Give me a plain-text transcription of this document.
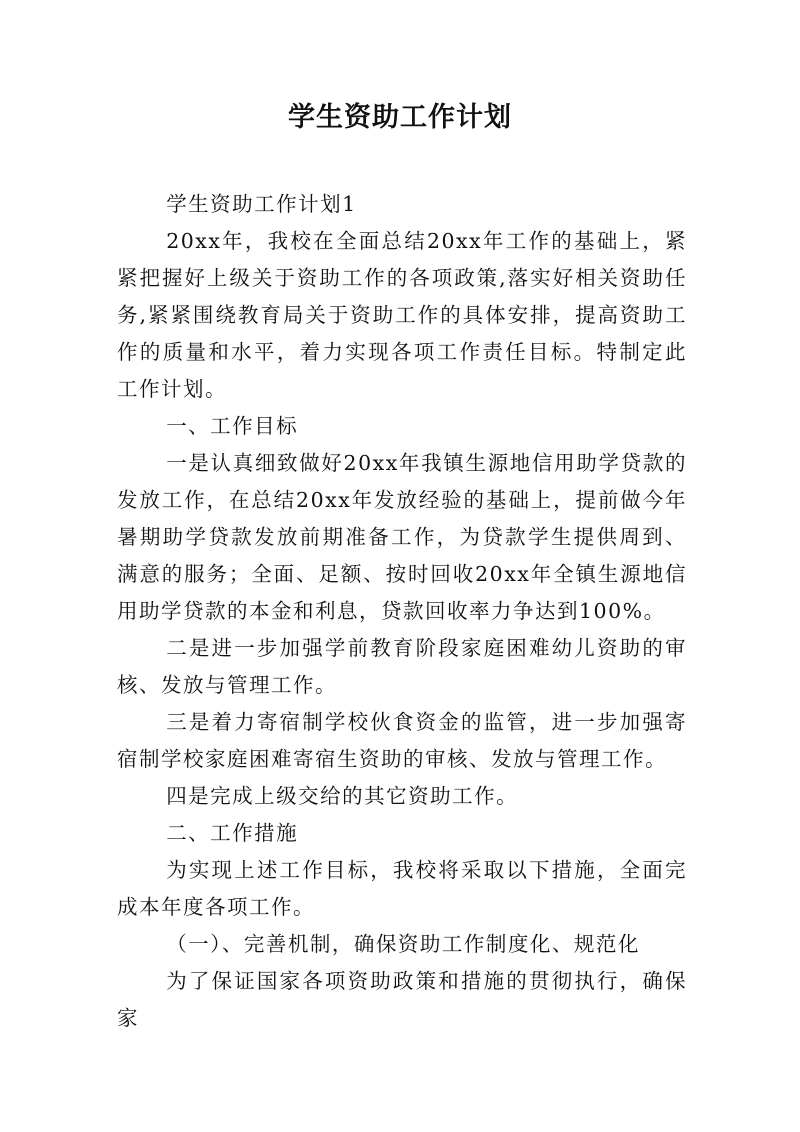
学生资助工作计划

学生资助工作计划1

20xx年，我校在全面总结20xx年工作的基础上，紧紧把握好上级关于资助工作的各项政策,落实好相关资助任务,紧紧围绕教育局关于资助工作的具体安排，提高资助工作的质量和水平，着力实现各项工作责任目标。特制定此工作计划。

一、工作目标

一是认真细致做好20xx年我镇生源地信用助学贷款的发放工作，在总结20xx年发放经验的基础上，提前做今年暑期助学贷款发放前期准备工作，为贷款学生提供周到、满意的服务；全面、足额、按时回收20xx年全镇生源地信用助学贷款的本金和利息，贷款回收率力争达到100%。

二是进一步加强学前教育阶段家庭困难幼儿资助的审核、发放与管理工作。

三是着力寄宿制学校伙食资金的监管，进一步加强寄宿制学校家庭困难寄宿生资助的审核、发放与管理工作。

四是完成上级交给的其它资助工作。

二、工作措施

为实现上述工作目标，我校将采取以下措施，全面完成本年度各项工作。

（一）、完善机制，确保资助工作制度化、规范化

为了保证国家各项资助政策和措施的贯彻执行，确保家
